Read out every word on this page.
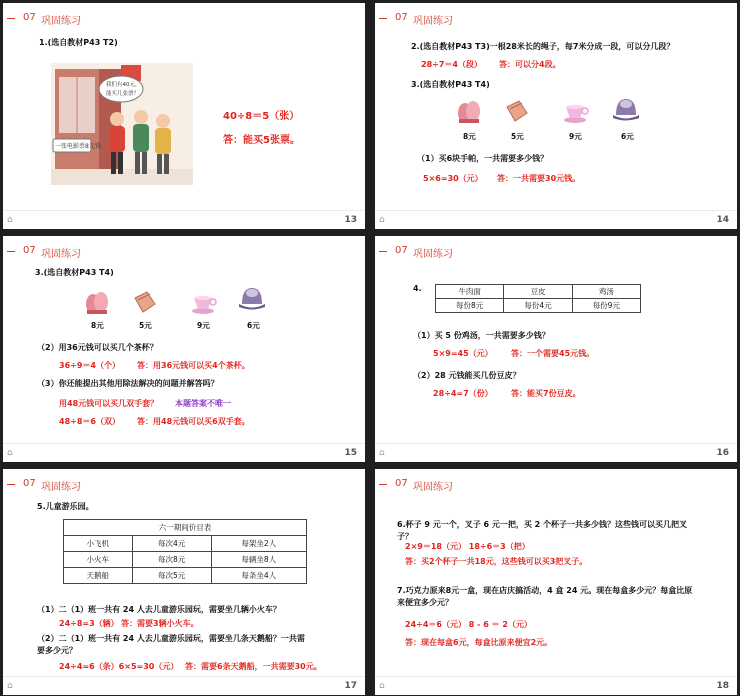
07 巩固练习
1.(选自教材P43 T2)
一张电影票8元钱
我们有40元，
能买几张票？
40÷8＝5（张）
答：能买5张票。
⌂	13
07 巩固练习
2.(选自教材P43 T3)一根28米长的绳子，每7米分成一段，可以分几段？
28÷7＝4（段） 答：可以分4段。
3.(选自教材P43 T4)
8元	5元	9元	6元
（1）买6块手帕，一共需要多少钱？
5×6=30（元） 答：一共需要30元钱。
⌂	14
07 巩固练习
3.(选自教材P43 T4)
8元	5元	9元	6元
（2）用36元钱可以买几个茶杯？
36÷9＝4（个） 答：用36元钱可以买4个茶杯。
（3）你还能提出其他用除法解决的问题并解答吗？
用48元钱可以买几双手套？ 本题答案不唯一
48÷8＝6（双） 答：用48元钱可以买6双手套。
⌂	15
07 巩固练习
4.	牛肉面	豆皮	鸡汤
每份8元	每份4元	每份9元
（1）买 5 份鸡汤，一共需要多少钱？
5×9=45（元） 答：一个需要45元钱。
（2）28 元钱能买几份豆皮？
28÷4=7（份） 答：能买7份豆皮。
⌂	16
07 巩固练习
5.儿童游乐园。
六一期间价目表		
小飞机	每次4元	每架坐2人
小火车	每次8元	每辆坐8人
天鹅船	每次5元	每条坐4人
（1）二（1）班一共有 24 人去儿童游乐园玩，需要坐几辆小火车？
24÷8=3（辆） 答：需要3辆小火车。
（2）二（1）班一共有 24 人去儿童游乐园玩，需要坐几条天鹅船？一共需
要多少元？
24÷4=6（条）6×5=30（元） 答：需要6条天鹅船，一共需要30元。
⌂	17
07 巩固练习
6.杯子 9 元一个，叉子 6 元一把，买 2 个杯子一共多少钱？这些钱可以买几把叉
子？
2×9＝18（元） 18÷6＝3（把）
答：买2个杯子一共18元，这些钱可以买3把叉子。
7.巧克力原来8元一盒，现在店庆搞活动，4 盒 24 元。现在每盒多少元？每盒比原
来便宜多少元？
24÷4＝6（元） 8 - 6 ＝ 2（元）
答：现在每盒6元，每盒比原来便宜2元。
⌂	18
